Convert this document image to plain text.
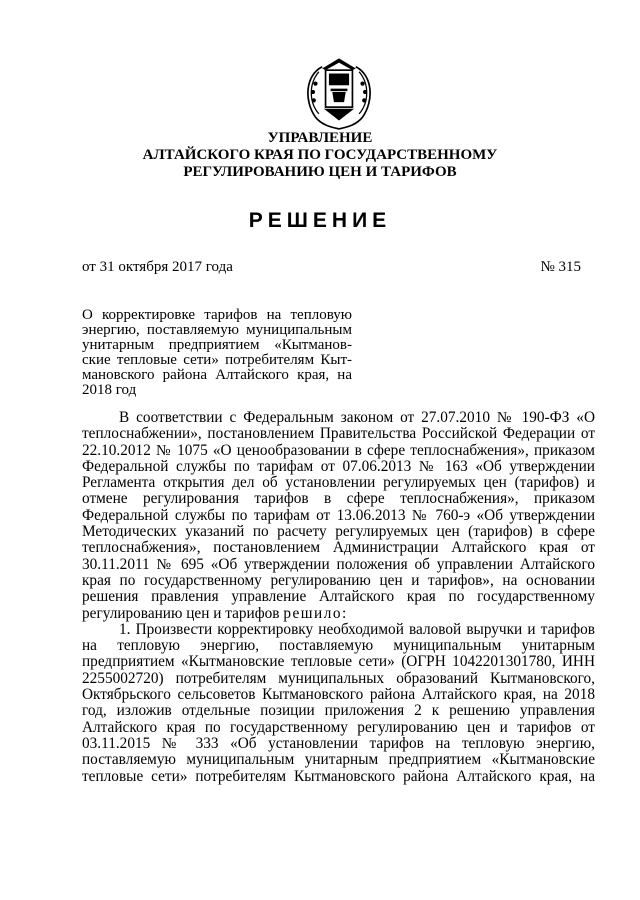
УПРАВЛЕНИЕ
АЛТАЙСКОГО КРАЯ ПО ГОСУДАРСТВЕННОМУ
РЕГУЛИРОВАНИЮ ЦЕН И ТАРИФОВ
РЕШЕНИЕ
от 31 октября 2017 года	№ 315
О корректировке тарифов на тепловую
энергию, поставляемую муниципальным
унитарным предприятием «Кытманов-
ские тепловые сети» потребителям Кыт-
мановского района Алтайского края, на
2018 год
В соответствии с Федеральным законом от 27.07.2010 № 190-ФЗ «О
теплоснабжении», постановлением Правительства Российской Федерации от
22.10.2012 № 1075 «О ценообразовании в сфере теплоснабжения», приказом
Федеральной службы по тарифам от 07.06.2013 № 163 «Об утверждении
Регламента открытия дел об установлении регулируемых цен (тарифов) и
отмене регулирования тарифов в сфере теплоснабжения», приказом
Федеральной службы по тарифам от 13.06.2013 № 760-э «Об утверждении
Методических указаний по расчету регулируемых цен (тарифов) в сфере
теплоснабжения», постановлением Администрации Алтайского края от
30.11.2011 № 695 «Об утверждении положения об управлении Алтайского
края по государственному регулированию цен и тарифов», на основании
решения правления управление Алтайского края по государственному
регулированию цен и тарифов решило:
1. Произвести корректировку необходимой валовой выручки и тарифов
на тепловую энергию, поставляемую муниципальным унитарным
предприятием «Кытмановские тепловые сети» (ОГРН 1042201301780, ИНН
2255002720) потребителям муниципальных образований Кытмановского,
Октябрьского сельсоветов Кытмановского района Алтайского края, на 2018
год, изложив отдельные позиции приложения 2 к решению управления
Алтайского края по государственному регулированию цен и тарифов от
03.11.2015 № 333 «Об установлении тарифов на тепловую энергию,
поставляемую муниципальным унитарным предприятием «Кытмановские
тепловые сети» потребителям Кытмановского района Алтайского края, на
